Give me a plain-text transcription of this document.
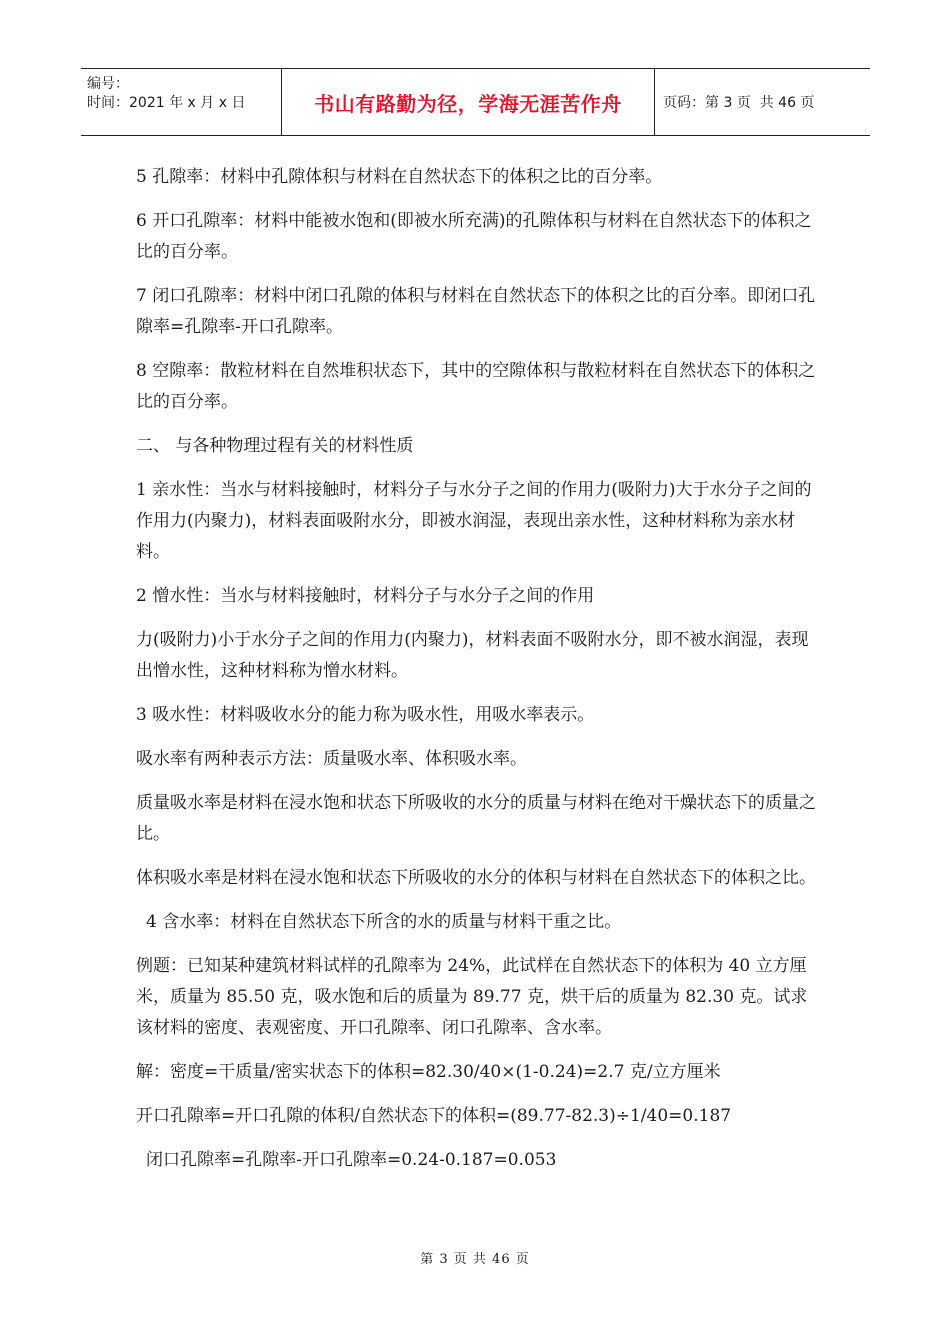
编号：
时间：2021 年 x 月 x 日	书山有路勤为径，学海无涯苦作舟	页码：第 3 页  共 46 页

5 孔隙率：材料中孔隙体积与材料在自然状态下的体积之比的百分率。

6 开口孔隙率：材料中能被水饱和(即被水所充满)的孔隙体积与材料在自然状态下的体积之比的百分率。

7 闭口孔隙率：材料中闭口孔隙的体积与材料在自然状态下的体积之比的百分率。即闭口孔隙率=孔隙率-开口孔隙率。

8 空隙率：散粒材料在自然堆积状态下，其中的空隙体积与散粒材料在自然状态下的体积之比的百分率。

二、 与各种物理过程有关的材料性质

1 亲水性：当水与材料接触时，材料分子与水分子之间的作用力(吸附力)大于水分子之间的作用力(内聚力)，材料表面吸附水分，即被水润湿，表现出亲水性，这种材料称为亲水材料。

2 憎水性：当水与材料接触时，材料分子与水分子之间的作用

力(吸附力)小于水分子之间的作用力(内聚力)，材料表面不吸附水分，即不被水润湿，表现出憎水性，这种材料称为憎水材料。

3 吸水性：材料吸收水分的能力称为吸水性，用吸水率表示。

吸水率有两种表示方法：质量吸水率、体积吸水率。

质量吸水率是材料在浸水饱和状态下所吸收的水分的质量与材料在绝对干燥状态下的质量之比。

体积吸水率是材料在浸水饱和状态下所吸收的水分的体积与材料在自然状态下的体积之比。

4 含水率：材料在自然状态下所含的水的质量与材料干重之比。

例题：已知某种建筑材料试样的孔隙率为 24%，此试样在自然状态下的体积为 40 立方厘米，质量为 85.50 克，吸水饱和后的质量为 89.77 克，烘干后的质量为 82.30 克。试求该材料的密度、表观密度、开口孔隙率、闭口孔隙率、含水率。

解：密度=干质量/密实状态下的体积=82.30/40×(1-0.24)=2.7 克/立方厘米

开口孔隙率=开口孔隙的体积/自然状态下的体积=(89.77-82.3)÷1/40=0.187

闭口孔隙率=孔隙率-开口孔隙率=0.24-0.187=0.053

第 3 页 共 46 页
